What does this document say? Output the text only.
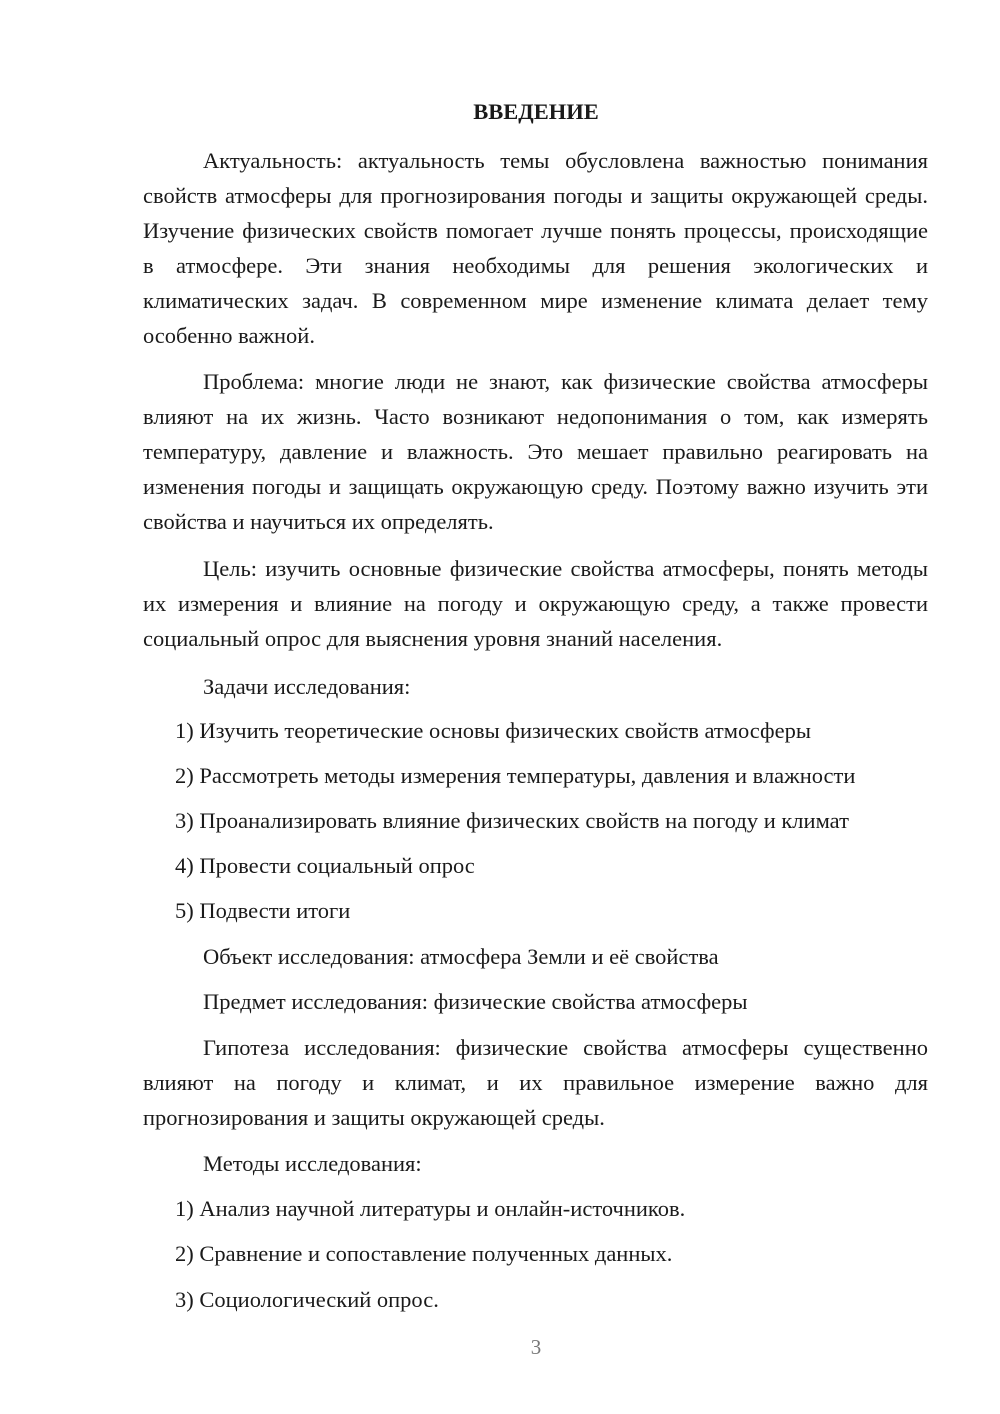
ВВЕДЕНИЕ

Актуальность: актуальность темы обусловлена важностью понимания свойств атмосферы для прогнозирования погоды и защиты окружающей среды. Изучение физических свойств помогает лучше понять процессы, происходящие в атмосфере. Эти знания необходимы для решения экологических и климатических задач. В современном мире изменение климата делает тему особенно важной.

Проблема: многие люди не знают, как физические свойства атмосферы влияют на их жизнь. Часто возникают недопонимания о том, как измерять температуру, давление и влажность. Это мешает правильно реагировать на изменения погоды и защищать окружающую среду. Поэтому важно изучить эти свойства и научиться их определять.

Цель: изучить основные физические свойства атмосферы, понять методы их измерения и влияние на погоду и окружающую среду, а также провести социальный опрос для выяснения уровня знаний населения.

Задачи исследования:

1) Изучить теоретические основы физических свойств атмосферы

2) Рассмотреть методы измерения температуры, давления и влажности

3) Проанализировать влияние физических свойств на погоду и климат

4) Провести социальный опрос

5) Подвести итоги

Объект исследования: атмосфера Земли и её свойства

Предмет исследования: физические свойства атмосферы

Гипотеза исследования: физические свойства атмосферы существенно влияют на погоду и климат, и их правильное измерение важно для прогнозирования и защиты окружающей среды.

Методы исследования:

1) Анализ научной литературы и онлайн-источников.

2) Сравнение и сопоставление полученных данных.

3) Социологический опрос.

3
